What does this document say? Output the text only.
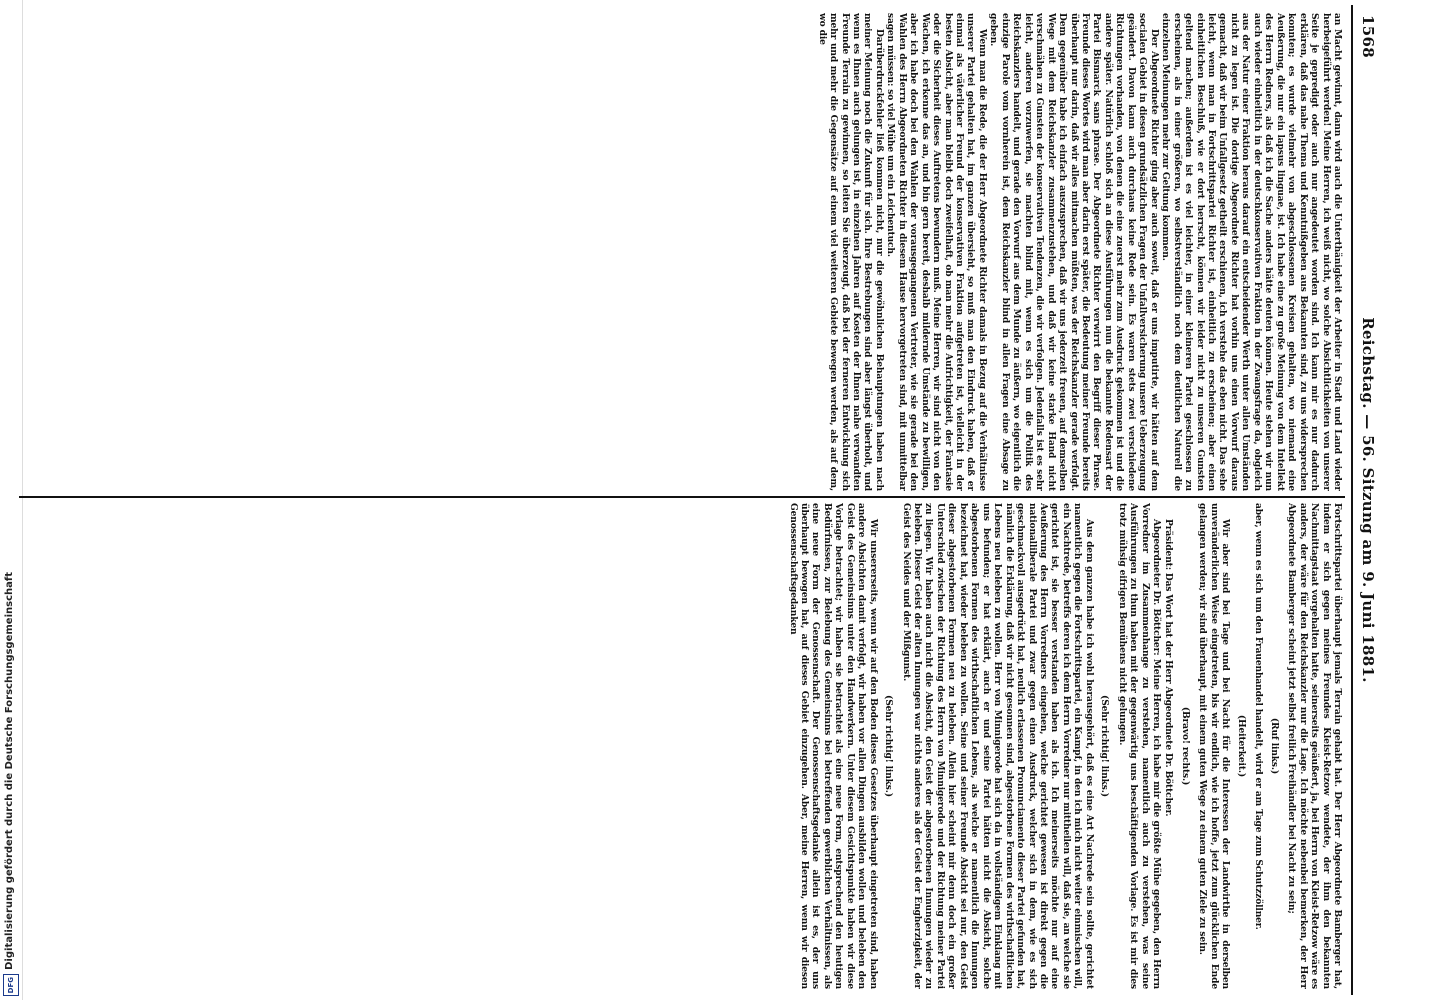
Digitalisierung gefördert durch die Deutsche Forschungsgemeinschaft
DFG
1568
Reichstag. — 56. Sitzung am 9. Juni 1881.

an Macht gewinnt, dann wird auch die Unterthänigkeit der Arbeiter in Stadt und Land wieder herbeigeführt werden! Meine Herren, ich weiß nicht, wo solche Absichtlichkeiten von unserer Seite je gepredigt oder auch nur angedeutet worden sind. Ich kann mir es nur dadurch erklären, daß das nahe Thema und Kenntnißgeben aus Bekannten sind, zu uns widersprechen konnten; es wurde vielmehr von abgeschlossenen Kreisen gehalten, wo niemand eine Aeußerung, die nur ein lapsus linguae, ist. Ich habe eine zu große Meinung von dem Intellekt des Herrn Redners, als daß ich die Sache anders hätte deuten können. Heute stehen wir nun auch wieder einheitlich in der deutschkonservativen Fraktion in der Zwangsfrage da, obgleich aus der Natur einer Fraktion heraus darauf ein entscheidender Werth unter allen Umständen nicht zu legen ist. Die dortige Abgeordnete Richter hat vorhin uns einen Vorwurf daraus gemacht, daß wir beim Unfallgesetz getheilt erschienen, ich verstehe das eben nicht. Das sehe leicht, wenn man in Fortschrittspartei Richter ist, einheitlich zu erscheinen; aber einen einheitlichen Beschluß, wie er dort herrscht, können wir leider nicht zu unseren Gunsten geltend machen; außerdem ist es viel leichter, in einer kleineren Partei geschlossen zu erscheinen, als in einer größeren, wo selbstverständlich noch dem deutlichen Naturell die einzelnen Meinungen mehr zur Geltung kommen.

Der Abgeordnete Richter ging aber auch soweit, daß er uns imputirte, wir hätten auf dem socialen Gebiet in diesen grundsätzlichen Fragen der Unfallversicherung unsere Ueberzeugung geändert. Davon kann auch durchaus keine Rede sein. Es waren stets zwei verschiedene Richtungen vorhanden, von denen die eine zuerst mehr zum Ausdruck gekommen ist und die andere später. Natürlich schloß sich an diese Ausführungen nun die bekannte Redensart der Partei Bismarck sans phrase. Der Abgeordnete Richter verwirrt den Begriff dieser Phrase. Freunde dieses Wortes wird man aber darin erst später, die Bedeutung meiner Freunde bereits überhaupt nur darin, daß wir alles mitmachen müßten, was der Reichskanzler gerade verfolgt. Dem gegenüber habe ich einfach auszusprechen, daß wir uns jederzeit freuen, auf demselben Wege mit dem Reichskanzler zusammenzustehen, und daß wir keine starke Hand nicht verschmähen zu Gunsten der konservativen Tendenzen, die wir verfolgen. Jedenfalls ist es sehr leicht, anderen vorzuwerfen, sie machten blind mit, wenn es sich um die Politik des Reichskanzlers handelt, und gerade den Vorwurf aus dem Munde zu äußern, wo eigentlich die einzige Parole vom vornherein ist, dem Reichskanzler blind in allen Fragen eine Absage zu geben.

Wenn man die Rede, die der Herr Abgeordnete Richter damals in Bezug auf die Verhältnisse unserer Partei gehalten hat, im ganzen übersieht, so muß man den Eindruck haben, daß er einmal als väterlicher Freund der konservativen Fraktion aufgetreten ist, vielleicht in der besten Absicht, aber man bleibt doch zweifelhaft, ob man mehr die Aufrichtigkeit, der Fantasie oder die Sicherheit dieses Auftretens bewundern muß. Meine Herren, wir sind nicht von den Wachen, ich erkenne das an, und bin gern bereit, deshalb mildernde Umstände zu bewilligen, aber ich habe doch bei den Wahlen der vorausgegangenen Vertreter, wie sie gerade bei den Wahlen des Herrn Abgeordneten Richter in diesem Hause hervorgetreten sind, mit unmittelbar sagen müssen: so viel Mühe um ein Leichentuch.

Darüberdruckfehler ließ kommen nicht, nur die gewöhnlichen Behauptungen haben nach meiner Meinung noch die Zukunft für sich. Ihre Bestrebungen sind aber längst überholt, und wenn es Ihnen auch gelungen ist, in einzelnen Jahren auf Kosten der Ihnen nahe verwandten Freunde Terrain zu gewinnen, so leiten Sie überzeugt, daß bei der ferneren Entwicklung sich mehr und mehr die Gegensätze auf einem viel weiteren Gebiete bewegen werden, als auf dem, wo die

Fortschrittspartei überhaupt jemals Terrain gehabt hat. Der Herr Abgeordnete Bamberger hat, indem er sich gegen meines Freundes Kleist-Retzow wendete, der ihm den bekannten Nachmittagstaat vorgehalten hatte, seinerseits geäußert, ja, bei Herrn von Kleist-Retzow wäre es anders, der wäre für den Reichskanzler nur die Lage. Ich möchte nebenbei bemerken, der Herr Abgeordnete Bamberger scheint jetzt selbst freilich Freihändler bei Nacht zu sein;

(Ruf links.)

aber, wenn es sich um den Frauenhandel handelt, wird er am Tage zum Schutzzöllner.

(Heiterkeit.)

Wir aber sind bei Tage und bei Nacht für die Interessen der Landwirthe in derselben unveränderlichen Weise eingetreten, bis wir endlich, wie ich hoffe, jetzt zum glücklichen Ende gelangen werden; wir sind überhaupt, mit einem guten Wege zu einem guten Ziele zu sein.

(Bravo! rechts.)

Präsident: Das Wort hat der Herr Abgeordnete Dr. Böttcher.

Abgeordneter Dr. Böttcher: Meine Herren, ich habe mir die größte Mühe gegeben, den Herrn Vorredner im Zusammenhange zu verstehen, namentlich auch zu verstehen, was seine Ausführungen zu thun haben mit der gegenwärtig uns beschäftigenden Vorlage. Es ist mir dies trotz mühsig eifrigen Bemühens nicht gelungen.

(Sehr richtig! links.)

Aus dem ganzen habe ich wohl herausgehört, daß es eine Art Nachrede sein sollte, gerichtet namentlich gegen die Fortschrittspartei, ein Kampf, in den ich mich nicht weiter einmischen will, ein Nachtrede, betreffs deren ich dem Herrn Vorredner nur mittheilen will, daß sie, an welche sie gerichtet ist, sie besser verstanden haben als ich. Ich meinerseits möchte nur auf eine Aeußerung des Herrn Vorredners eingehen, welche gerichtet gewesen ist direkt gegen die nationalliberale Partei und zwar gegen einen Ausdruck, welcher sich in dem, wie es sich geschmackvoll ausgedrückt hat, neulich erlassenen Pronunciamento dieser Partei gefunden hat, nämlich die Erklärung, daß wir nicht gesonnen sind, abgestorbene Formen des wirthschaftlichen Lebens neu beleben zu wollen. Herr von Minnigerode hat sich da in vollständigem Einklang mit uns befunden; er hat erklärt, auch er und seine Partei hätten nicht die Absicht, solche abgestorbenen Formen des wirthschaftlichen Lebens, als welche er namentlich die Innungen bezeichnet hat, wieder beleben zu wollen. Seine und seiner Freunde Absicht sei nur, den Geist dieser abgestorbenen Formen neu zu beleben. Allein hier scheint mir denn doch ein großer Unterschied zwischen der Richtung des Herrn von Minnigerode und der Richtung meiner Partei zu liegen. Wir haben auch nicht die Absicht, den Geist der abgestorbenen Innungen wieder zu beleben. Dieser Geist der alten Innungen war nichts anderes als der Geist der Engherzigkeit, der Geist des Neides und der Mißgunst.

(Sehr richtig! links.)

Wir unsererseits, wenn wir auf den Boden dieses Gesetzes überhaupt eingetreten sind, haben andere Absichten damit verfolgt, wir haben vor allen Dingen ausbilden wollen und beleben den Geist des Gemeinsinns unter den Handwerkern. Unter diesem Gesichtspunkte haben wir diese Vorlage betrachtet; wir haben sie betrachtet als eine neue Form, entsprechend den heutigen Bedürfnissen, zur Belebung des Gemeinsinns bei betreffenden gewerblichen Verhältnissen, als eine neue Form der Genossenschaft. Der Genossenschaftsgedanke allein ist es, der uns überhaupt bewogen hat, auf dieses Gebiet einzugehen. Aber, meine Herren, wenn wir diesen Genossenschaftsgedanken
